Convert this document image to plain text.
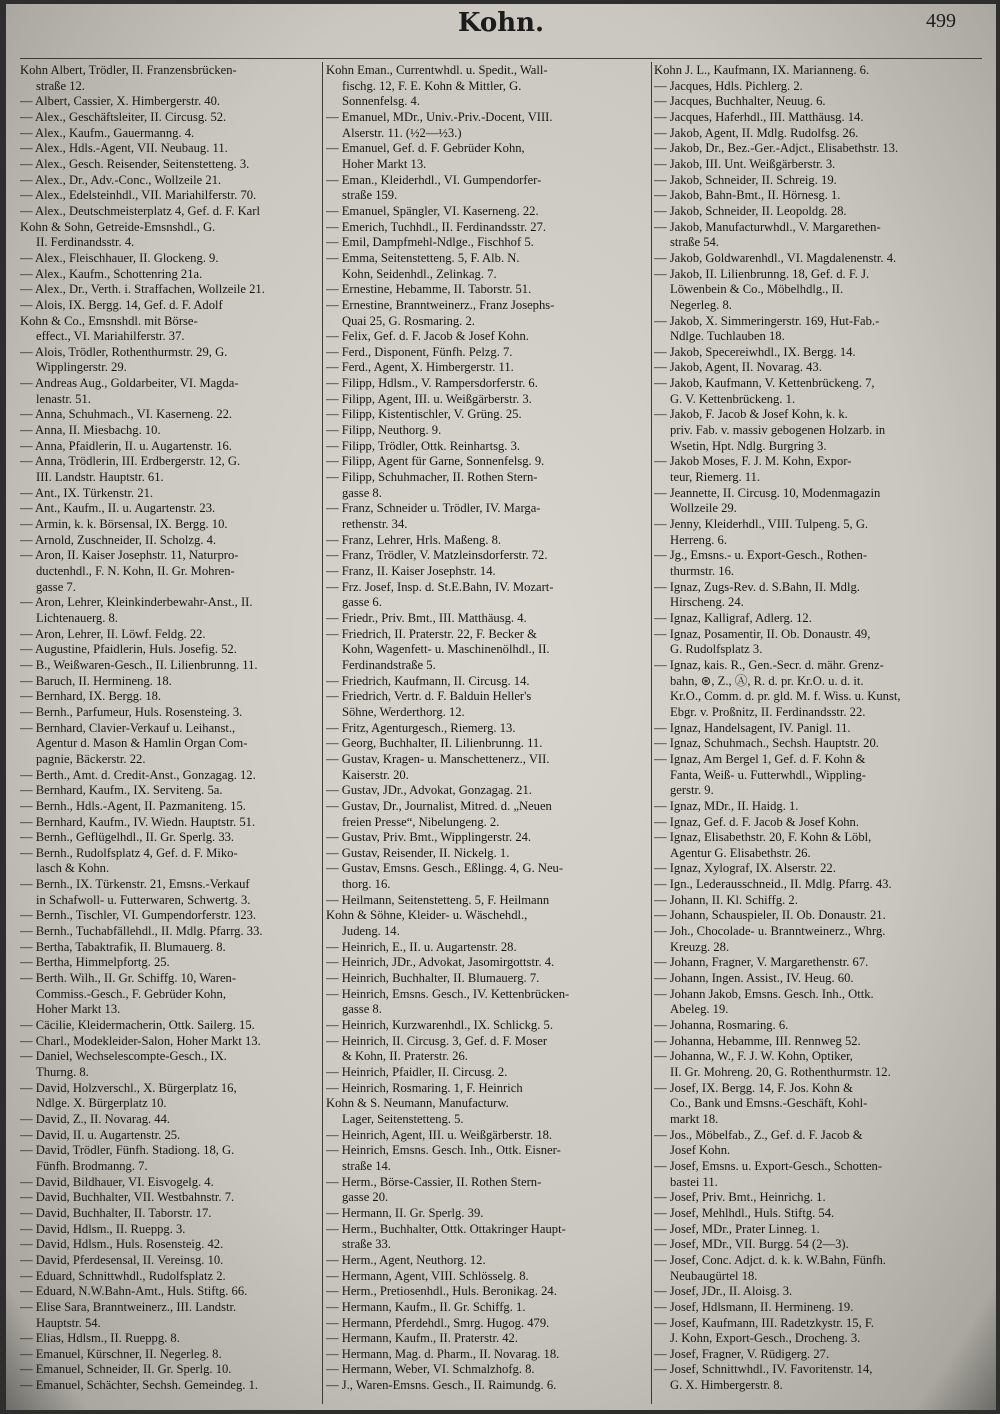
Kohn.	499
Kohn Albert, Trödler, II. Franzensbrücken-
straße 12.
— Albert, Cassier, X. Himbergerstr. 40.
— Alex., Geschäftsleiter, II. Circusg. 52.
— Alex., Kaufm., Gauermanng. 4.
— Alex., Hdls.-Agent, VII. Neubaug. 11.
— Alex., Gesch. Reisender, Seitenstetteng. 3.
— Alex., Dr., Adv.-Conc., Wollzeile 21.
— Alex., Edelsteinhdl., VII. Mariahilferstr. 70.
— Alex., Deutschmeisterplatz 4, Gef. d. F. Karl
Kohn & Sohn, Getreide-Emsnshdl., G.
II. Ferdinandsstr. 4.
— Alex., Fleischhauer, II. Glockeng. 9.
— Alex., Kaufm., Schottenring 21a.
— Alex., Dr., Verth. i. Straffachen, Wollzeile 21.
— Alois, IX. Bergg. 14, Gef. d. F. Adolf
Kohn & Co., Emsnshdl. mit Börse-
effect., VI. Mariahilferstr. 37.
— Alois, Trödler, Rothenthurmstr. 29, G.
Wipplingerstr. 29.
— Andreas Aug., Goldarbeiter, VI. Magda-
lenastr. 51.
— Anna, Schuhmach., VI. Kaserneng. 22.
— Anna, II. Miesbachg. 10.
— Anna, Pfaidlerin, II. u. Augartenstr. 16.
— Anna, Trödlerin, III. Erdbergerstr. 12, G.
III. Landstr. Hauptstr. 61.
— Ant., IX. Türkenstr. 21.
— Ant., Kaufm., II. u. Augartenstr. 23.
— Armin, k. k. Börsensal, IX. Bergg. 10.
— Arnold, Zuschneider, II. Scholzg. 4.
— Aron, II. Kaiser Josephstr. 11, Naturpro-
ductenhdl., F. N. Kohn, II. Gr. Mohren-
gasse 7.
— Aron, Lehrer, Kleinkinderbewahr-Anst., II.
Lichtenauerg. 8.
— Aron, Lehrer, II. Löwf. Feldg. 22.
— Augustine, Pfaidlerin, Huls. Josefig. 52.
— B., Weißwaren-Gesch., II. Lilienbrunng. 11.
— Baruch, II. Hermineng. 18.
— Bernhard, IX. Bergg. 18.
— Bernh., Parfumeur, Huls. Rosensteing. 3.
— Bernhard, Clavier-Verkauf u. Leihanst.,
Agentur d. Mason & Hamlin Organ Com-
pagnie, Bäckerstr. 22.
— Berth., Amt. d. Credit-Anst., Gonzagag. 12.
— Bernhard, Kaufm., IX. Serviteng. 5a.
— Bernh., Hdls.-Agent, II. Pazmaniteng. 15.
— Bernhard, Kaufm., IV. Wiedn. Hauptstr. 51.
— Bernh., Geflügelhdl., II. Gr. Sperlg. 33.
— Bernh., Rudolfsplatz 4, Gef. d. F. Miko-
lasch & Kohn.
— Bernh., IX. Türkenstr. 21, Emsns.-Verkauf
in Schafwoll- u. Futterwaren, Schwertg. 3.
— Bernh., Tischler, VI. Gumpendorferstr. 123.
— Bernh., Tuchabfällehdl., II. Mdlg. Pfarrg. 33.
— Bertha, Tabaktrafik, II. Blumauerg. 8.
— Bertha, Himmelpfortg. 25.
— Berth. Wilh., II. Gr. Schiffg. 10, Waren-
Commiss.-Gesch., F. Gebrüder Kohn,
Hoher Markt 13.
— Cäcilie, Kleidermacherin, Ottk. Sailerg. 15.
— Charl., Modekleider-Salon, Hoher Markt 13.
— Daniel, Wechselescompte-Gesch., IX.
Thurng. 8.
— David, Holzverschl., X. Bürgerplatz 16,
Ndlge. X. Bürgerplatz 10.
— David, Z., II. Novarag. 44.
— David, II. u. Augartenstr. 25.
— David, Trödler, Fünfh. Stadiong. 18, G.
Fünfh. Brodmanng. 7.
— David, Bildhauer, VI. Eisvogelg. 4.
— David, Buchhalter, VII. Westbahnstr. 7.
— David, Buchhalter, II. Taborstr. 17.
— David, Hdlsm., II. Rueppg. 3.
— David, Hdlsm., Huls. Rosensteig. 42.
— David, Pferdesensal, II. Vereinsg. 10.
— Eduard, Schnittwhdl., Rudolfsplatz 2.
— Eduard, N.W.Bahn-Amt., Huls. Stiftg. 66.
— Elise Sara, Branntweinerz., III. Landstr.
Hauptstr. 54.
— Elias, Hdlsm., II. Rueppg. 8.
— Emanuel, Kürschner, II. Negerleg. 8.
— Emanuel, Schneider, II. Gr. Sperlg. 10.
— Emanuel, Schächter, Sechsh. Gemeindeg. 1.
Kohn Eman., Currentwhdl. u. Spedit., Wall-
fischg. 12, F. E. Kohn & Mittler, G.
Sonnenfelsg. 4.
— Emanuel, MDr., Univ.-Priv.-Docent, VIII.
Alserstr. 11. (½2—½3.)
— Emanuel, Gef. d. F. Gebrüder Kohn,
Hoher Markt 13.
— Eman., Kleiderhdl., VI. Gumpendorfer-
straße 159.
— Emanuel, Spängler, VI. Kaserneng. 22.
— Emerich, Tuchhdl., II. Ferdinandsstr. 27.
— Emil, Dampfmehl-Ndlge., Fischhof 5.
— Emma, Seitenstetteng. 5, F. Alb. N.
Kohn, Seidenhdl., Zelinkag. 7.
— Ernestine, Hebamme, II. Taborstr. 51.
— Ernestine, Branntweinerz., Franz Josephs-
Quai 25, G. Rosmaring. 2.
— Felix, Gef. d. F. Jacob & Josef Kohn.
— Ferd., Disponent, Fünfh. Pelzg. 7.
— Ferd., Agent, X. Himbergerstr. 11.
— Filipp, Hdlsm., V. Rampersdorferstr. 6.
— Filipp, Agent, III. u. Weißgärberstr. 3.
— Filipp, Kistentischler, V. Grüng. 25.
— Filipp, Neuthorg. 9.
— Filipp, Trödler, Ottk. Reinhartsg. 3.
— Filipp, Agent für Garne, Sonnenfelsg. 9.
— Filipp, Schuhmacher, II. Rothen Stern-
gasse 8.
— Franz, Schneider u. Trödler, IV. Marga-
rethenstr. 34.
— Franz, Lehrer, Hrls. Maßeng. 8.
— Franz, Trödler, V. Matzleinsdorferstr. 72.
— Franz, II. Kaiser Josephstr. 14.
— Frz. Josef, Insp. d. St.E.Bahn, IV. Mozart-
gasse 6.
— Friedr., Priv. Bmt., III. Matthäusg. 4.
— Friedrich, II. Praterstr. 22, F. Becker &
Kohn, Wagenfett- u. Maschinenölhdl., II.
Ferdinandstraße 5.
— Friedrich, Kaufmann, II. Circusg. 14.
— Friedrich, Vertr. d. F. Balduin Heller's
Söhne, Werderthorg. 12.
— Fritz, Agenturgesch., Riemerg. 13.
— Georg, Buchhalter, II. Lilienbrunng. 11.
— Gustav, Kragen- u. Manschettenerz., VII.
Kaiserstr. 20.
— Gustav, JDr., Advokat, Gonzagag. 21.
— Gustav, Dr., Journalist, Mitred. d. „Neuen
freien Presse“, Nibelungeng. 2.
— Gustav, Priv. Bmt., Wipplingerstr. 24.
— Gustav, Reisender, II. Nickelg. 1.
— Gustav, Emsns. Gesch., Eßlingg. 4, G. Neu-
thorg. 16.
— Heilmann, Seitenstetteng. 5, F. Heilmann
Kohn & Söhne, Kleider- u. Wäschehdl.,
Judeng. 14.
— Heinrich, E., II. u. Augartenstr. 28.
— Heinrich, JDr., Advokat, Jasomirgottstr. 4.
— Heinrich, Buchhalter, II. Blumauerg. 7.
— Heinrich, Emsns. Gesch., IV. Kettenbrücken-
gasse 8.
— Heinrich, Kurzwarenhdl., IX. Schlickg. 5.
— Heinrich, II. Circusg. 3, Gef. d. F. Moser
& Kohn, II. Praterstr. 26.
— Heinrich, Pfaidler, II. Circusg. 2.
— Heinrich, Rosmaring. 1, F. Heinrich
Kohn & S. Neumann, Manufacturw.
Lager, Seitenstetteng. 5.
— Heinrich, Agent, III. u. Weißgärberstr. 18.
— Heinrich, Emsns. Gesch. Inh., Ottk. Eisner-
straße 14.
— Herm., Börse-Cassier, II. Rothen Stern-
gasse 20.
— Hermann, II. Gr. Sperlg. 39.
— Herm., Buchhalter, Ottk. Ottakringer Haupt-
straße 33.
— Herm., Agent, Neuthorg. 12.
— Hermann, Agent, VIII. Schlösselg. 8.
— Herm., Pretiosenhdl., Huls. Beronikag. 24.
— Hermann, Kaufm., II. Gr. Schiffg. 1.
— Hermann, Pferdehdl., Smrg. Hugog. 479.
— Hermann, Kaufm., II. Praterstr. 42.
— Hermann, Mag. d. Pharm., II. Novarag. 18.
— Hermann, Weber, VI. Schmalzhofg. 8.
— J., Waren-Emsns. Gesch., II. Raimundg. 6.
Kohn J. L., Kaufmann, IX. Marianneng. 6.
— Jacques, Hdls. Pichlerg. 2.
— Jacques, Buchhalter, Neuug. 6.
— Jacques, Haferhdl., III. Matthäusg. 14.
— Jakob, Agent, II. Mdlg. Rudolfsg. 26.
— Jakob, Dr., Bez.-Ger.-Adjct., Elisabethstr. 13.
— Jakob, III. Unt. Weißgärberstr. 3.
— Jakob, Schneider, II. Schreig. 19.
— Jakob, Bahn-Bmt., II. Hörnesg. 1.
— Jakob, Schneider, II. Leopoldg. 28.
— Jakob, Manufacturwhdl., V. Margarethen-
straße 54.
— Jakob, Goldwarenhdl., VI. Magdalenenstr. 4.
— Jakob, II. Lilienbrunng. 18, Gef. d. F. J.
Löwenbein & Co., Möbelhdlg., II.
Negerleg. 8.
— Jakob, X. Simmeringerstr. 169, Hut-Fab.-
Ndlge. Tuchlauben 18.
— Jakob, Specereiwhdl., IX. Bergg. 14.
— Jakob, Agent, II. Novarag. 43.
— Jakob, Kaufmann, V. Kettenbrückeng. 7,
G. V. Kettenbrückeng. 1.
— Jakob, F. Jacob & Josef Kohn, k. k.
priv. Fab. v. massiv gebogenen Holzarb. in
Wsetin, Hpt. Ndlg. Burgring 3.
— Jakob Moses, F. J. M. Kohn, Expor-
teur, Riemerg. 11.
— Jeannette, II. Circusg. 10, Modenmagazin
Wollzeile 29.
— Jenny, Kleiderhdl., VIII. Tulpeng. 5, G.
Herreng. 6.
— Jg., Emsns.- u. Export-Gesch., Rothen-
thurmstr. 16.
— Ignaz, Zugs-Rev. d. S.Bahn, II. Mdlg.
Hirscheng. 24.
— Ignaz, Kalligraf, Adlerg. 12.
— Ignaz, Posamentir, II. Ob. Donaustr. 49,
G. Rudolfsplatz 3.
— Ignaz, kais. R., Gen.-Secr. d. mähr. Grenz-
bahn, ⊛, Z., Ⓐ, R. d. pr. Kr.O. u. d. it.
Kr.O., Comm. d. pr. gld. M. f. Wiss. u. Kunst,
Ebgr. v. Proßnitz, II. Ferdinandsstr. 22.
— Ignaz, Handelsagent, IV. Panigl. 11.
— Ignaz, Schuhmach., Sechsh. Hauptstr. 20.
— Ignaz, Am Bergel 1, Gef. d. F. Kohn &
Fanta, Weiß- u. Futterwhdl., Wippling-
gerstr. 9.
— Ignaz, MDr., II. Haidg. 1.
— Ignaz, Gef. d. F. Jacob & Josef Kohn.
— Ignaz, Elisabethstr. 20, F. Kohn & Löbl,
Agentur G. Elisabethstr. 26.
— Ignaz, Xylograf, IX. Alserstr. 22.
— Ign., Lederausschneid., II. Mdlg. Pfarrg. 43.
— Johann, II. Kl. Schiffg. 2.
— Johann, Schauspieler, II. Ob. Donaustr. 21.
— Joh., Chocolade- u. Branntweinerz., Whrg.
Kreuzg. 28.
— Johann, Fragner, V. Margarethenstr. 67.
— Johann, Ingen. Assist., IV. Heug. 60.
— Johann Jakob, Emsns. Gesch. Inh., Ottk.
Abeleg. 19.
— Johanna, Rosmaring. 6.
— Johanna, Hebamme, III. Rennweg 52.
— Johanna, W., F. J. W. Kohn, Optiker,
II. Gr. Mohreng. 20, G. Rothenthurmstr. 12.
— Josef, IX. Bergg. 14, F. Jos. Kohn &
Co., Bank und Emsns.-Geschäft, Kohl-
markt 18.
— Jos., Möbelfab., Z., Gef. d. F. Jacob &
Josef Kohn.
— Josef, Emsns. u. Export-Gesch., Schotten-
bastei 11.
— Josef, Priv. Bmt., Heinrichg. 1.
— Josef, Mehlhdl., Huls. Stiftg. 54.
— Josef, MDr., Prater Linneg. 1.
— Josef, MDr., VII. Burgg. 54 (2—3).
— Josef, Conc. Adjct. d. k. k. W.Bahn, Fünfh.
Neubaugürtel 18.
— Josef, JDr., II. Aloisg. 3.
— Josef, Hdlsmann, II. Hermineng. 19.
— Josef, Kaufmann, III. Radetzkystr. 15, F.
J. Kohn, Export-Gesch., Drocheng. 3.
— Josef, Fragner, V. Rüdigerg. 27.
— Josef, Schnittwhdl., IV. Favoritenstr. 14,
G. X. Himbergerstr. 8.
